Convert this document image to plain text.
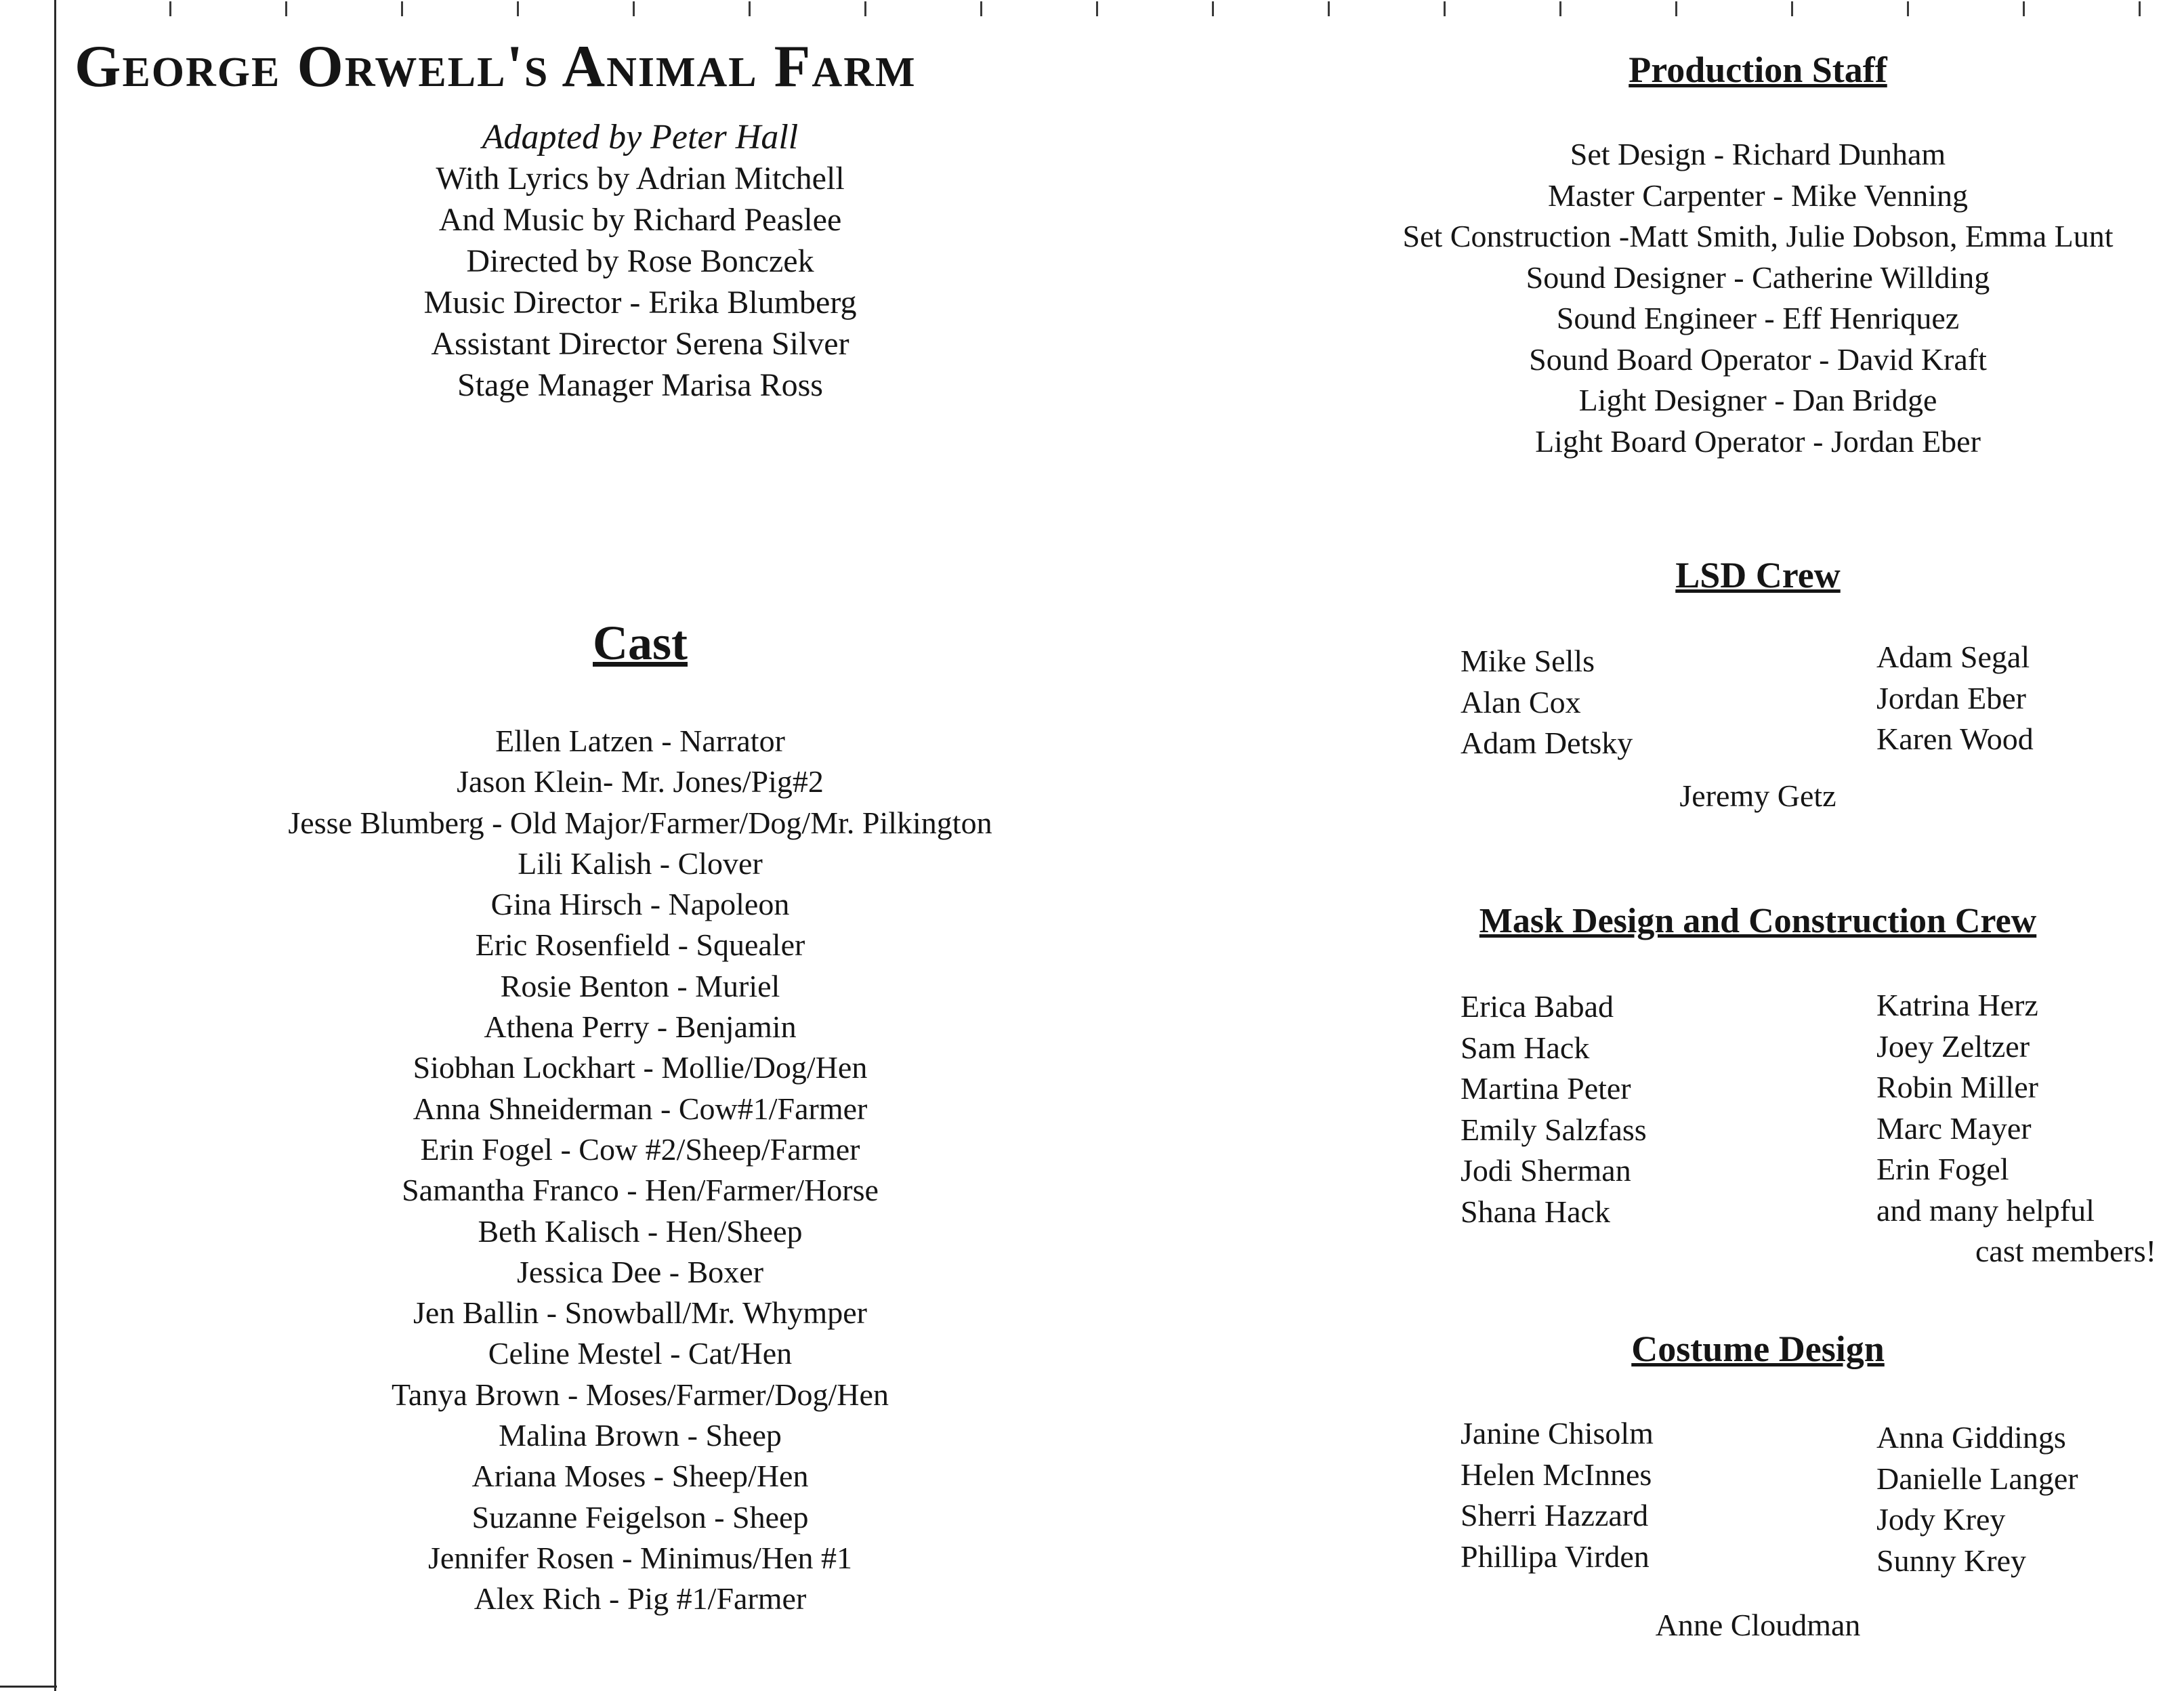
George Orwell's Animal Farm
Adapted by Peter Hall
With Lyrics by Adrian Mitchell
And Music by Richard Peaslee
Directed by Rose Bonczek
Music Director - Erika Blumberg
Assistant Director Serena Silver
Stage Manager Marisa Ross
Cast
Ellen Latzen - Narrator
Jason Klein- Mr. Jones/Pig#2
Jesse Blumberg - Old Major/Farmer/Dog/Mr. Pilkington
Lili Kalish - Clover
Gina Hirsch - Napoleon
Eric Rosenfield - Squealer
Rosie Benton - Muriel
Athena Perry - Benjamin
Siobhan Lockhart - Mollie/Dog/Hen
Anna Shneiderman - Cow#1/Farmer
Erin Fogel - Cow #2/Sheep/Farmer
Samantha Franco - Hen/Farmer/Horse
Beth Kalisch - Hen/Sheep
Jessica Dee - Boxer
Jen Ballin - Snowball/Mr. Whymper
Celine Mestel - Cat/Hen
Tanya Brown - Moses/Farmer/Dog/Hen
Malina Brown - Sheep
Ariana Moses - Sheep/Hen
Suzanne Feigelson - Sheep
Jennifer Rosen - Minimus/Hen #1
Alex Rich - Pig #1/Farmer
Production Staff
Set Design - Richard Dunham
Master Carpenter - Mike Venning
Set Construction -Matt Smith, Julie Dobson, Emma Lunt
Sound Designer - Catherine Willding
Sound Engineer - Eff Henriquez
Sound Board Operator - David Kraft
Light Designer - Dan Bridge
Light Board Operator - Jordan Eber
LSD Crew
Mike Sells
Alan Cox
Adam Detsky
Adam Segal
Jordan Eber
Karen Wood
Jeremy Getz
Mask Design and Construction Crew
Erica Babad
Sam Hack
Martina Peter
Emily Salzfass
Jodi Sherman
Shana Hack
Katrina Herz
Joey Zeltzer
Robin Miller
Marc Mayer
Erin Fogel
and many helpful
cast members!
Costume Design
Janine Chisolm
Helen McInnes
Sherri Hazzard
Phillipa Virden
Anna Giddings
Danielle Langer
Jody Krey
Sunny Krey
Anne Cloudman
